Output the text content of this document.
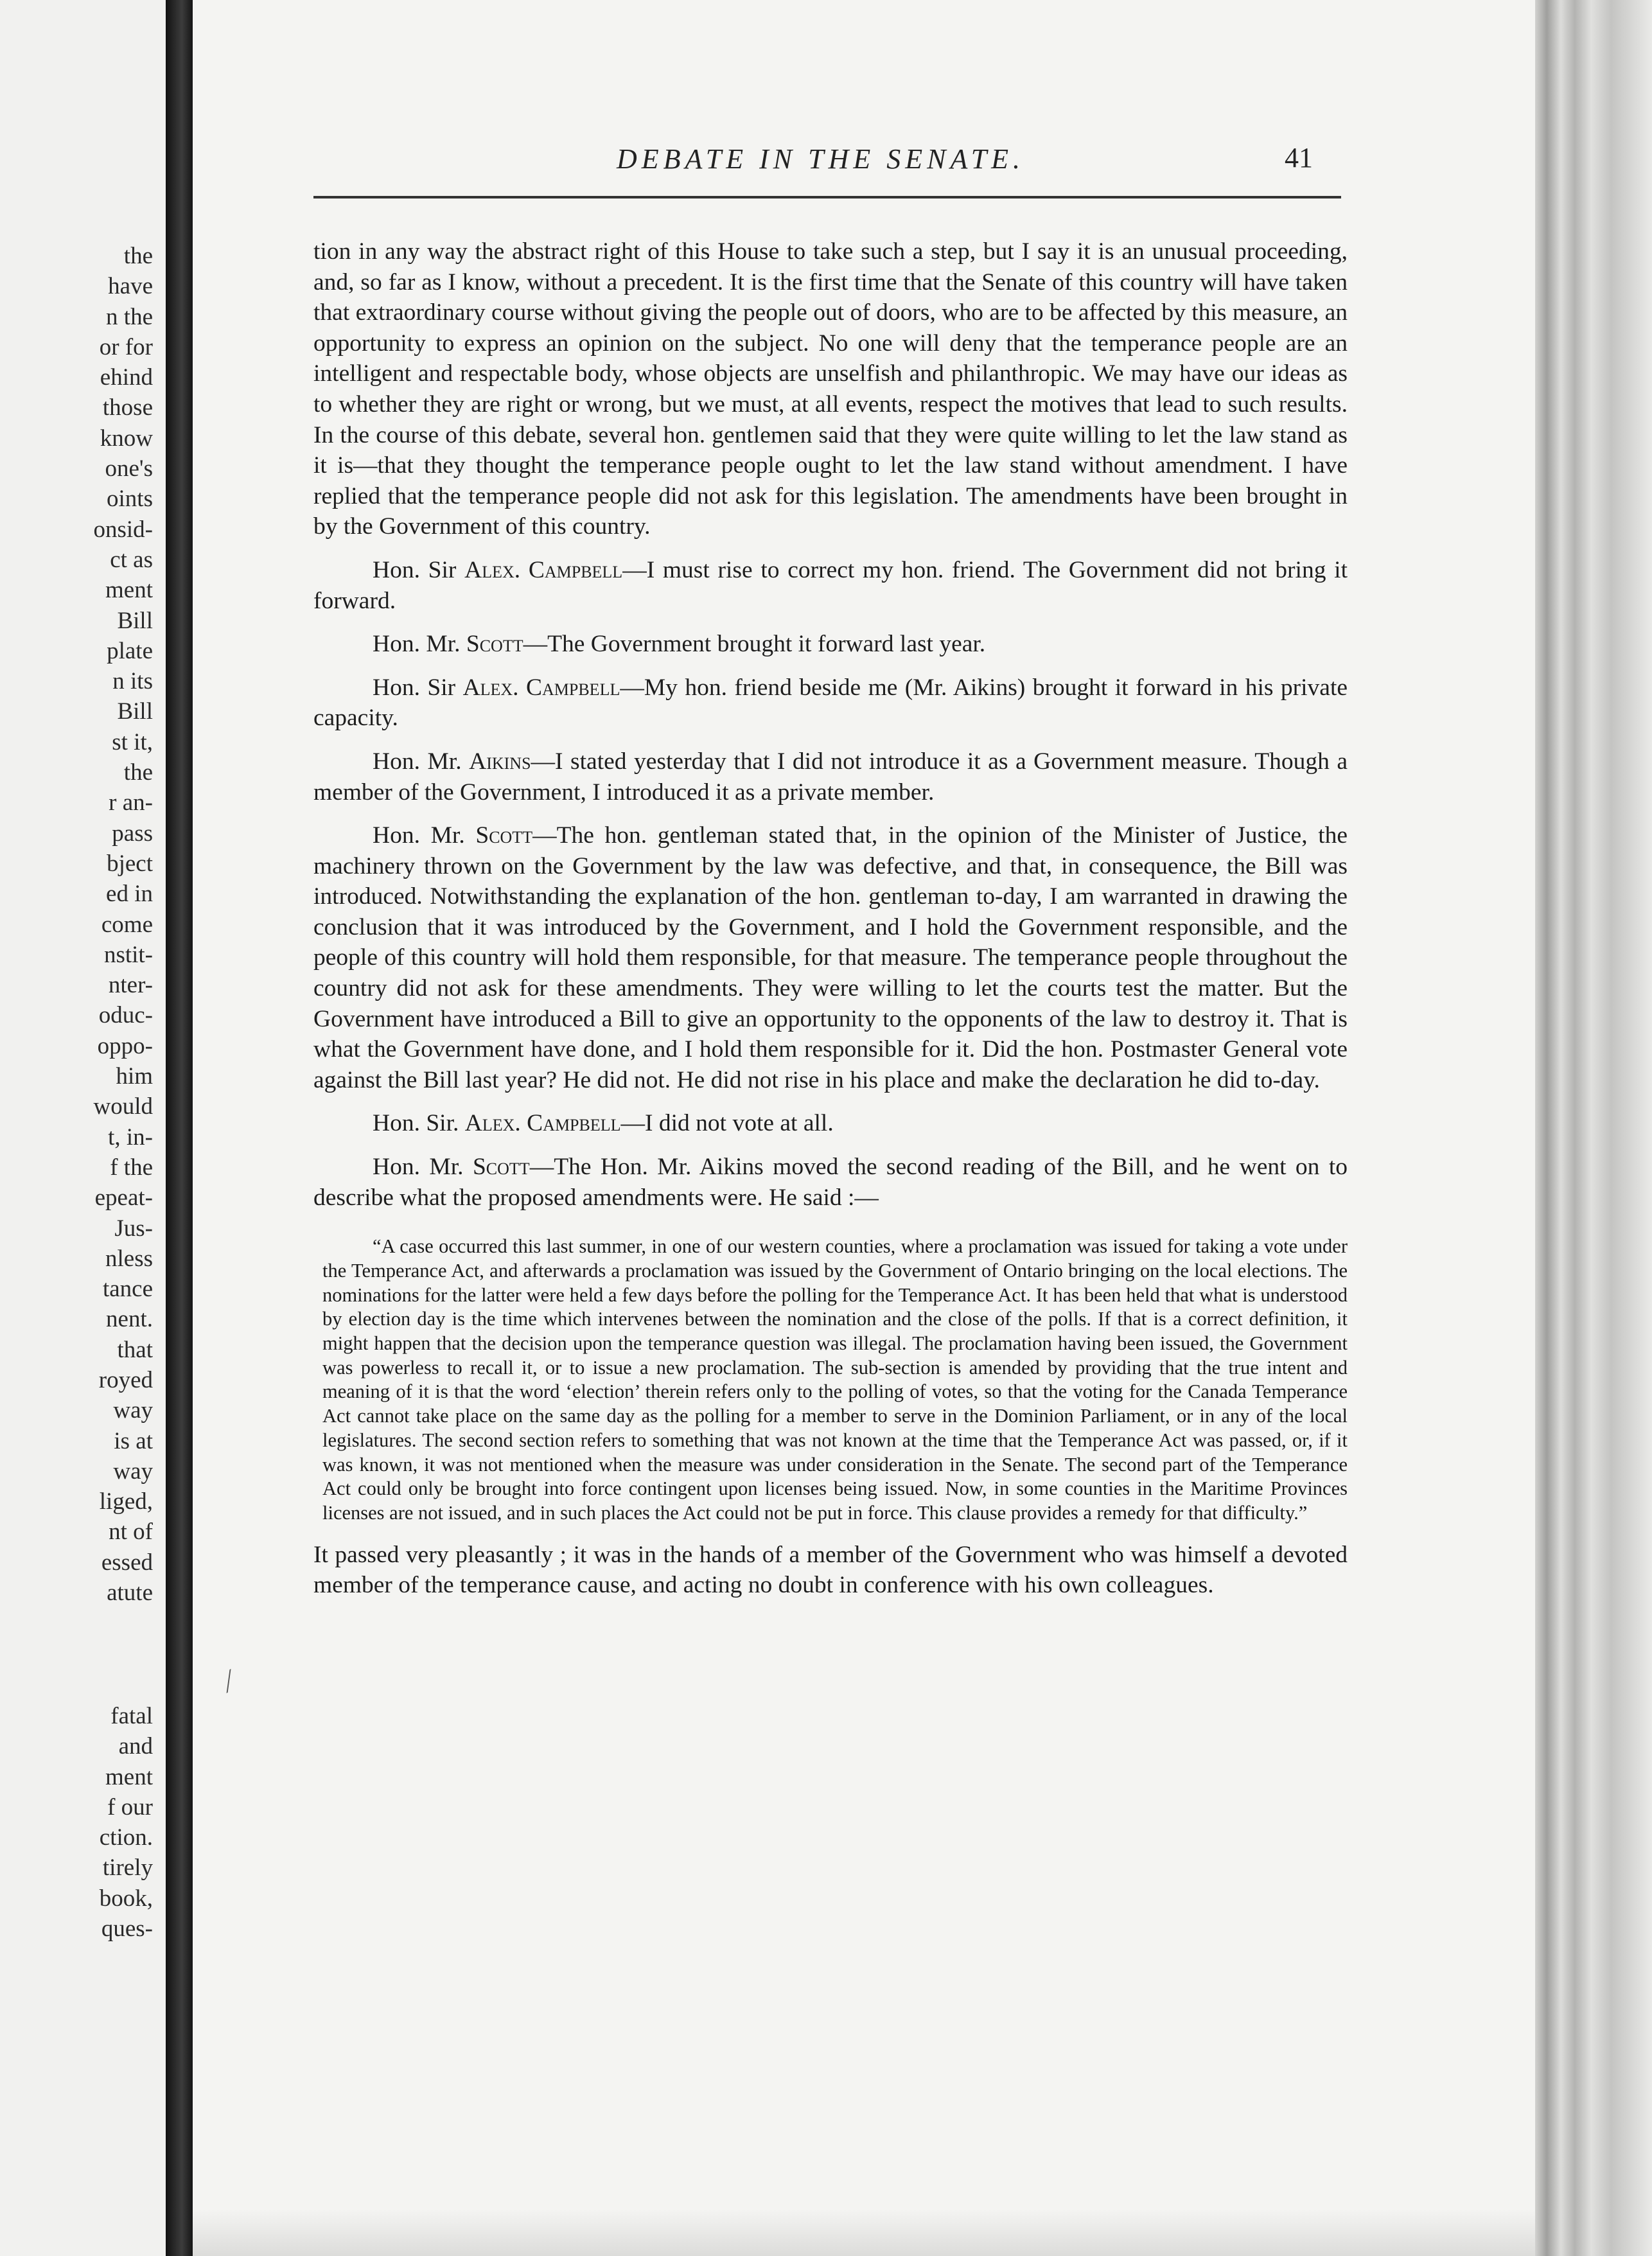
the
have
n the
or for
ehind
those
know
one's
oints
onsid-
ct as
ment
Bill
plate
n its
Bill
st it,
the
r an-
pass
bject
ed in
come
nstit-
nter-
oduc-
oppo-
him
would
t, in-
f the
epeat-
Jus-
nless
tance
nent.
that
royed
way
is at
way
liged,
nt of
essed
atute
fatal
and
ment
f our
ction.
tirely
book,
ques-
DEBATE IN THE SENATE.	41
⁄

tion in any way the abstract right of this House to take such a step, but I say it is an unusual proceeding, and, so far as I know, without a precedent. It is the first time that the Senate of this country will have taken that extraordinary course without giving the people out of doors, who are to be affected by this measure, an opportunity to express an opinion on the subject. No one will deny that the temperance people are an intelligent and respectable body, whose objects are unselfish and philanthropic. We may have our ideas as to whether they are right or wrong, but we must, at all events, respect the motives that lead to such results. In the course of this debate, several hon. gentlemen said that they were quite willing to let the law stand as it is—that they thought the temperance people ought to let the law stand without amendment. I have replied that the temperance people did not ask for this legislation. The amendments have been brought in by the Government of this country.

Hon. Sir Alex. Campbell—I must rise to correct my hon. friend. The Government did not bring it forward.

Hon. Mr. Scott—The Government brought it forward last year.

Hon. Sir Alex. Campbell—My hon. friend beside me (Mr. Aikins) brought it forward in his private capacity.

Hon. Mr. Aikins—I stated yesterday that I did not introduce it as a Government measure. Though a member of the Government, I introduced it as a private member.

Hon. Mr. Scott—The hon. gentleman stated that, in the opinion of the Minister of Justice, the machinery thrown on the Government by the law was defective, and that, in consequence, the Bill was introduced. Notwithstanding the explanation of the hon. gentleman to-day, I am warranted in drawing the conclusion that it was introduced by the Government, and I hold the Government responsible, and the people of this country will hold them responsible, for that measure. The temperance people throughout the country did not ask for these amendments. They were willing to let the courts test the matter. But the Government have introduced a Bill to give an opportunity to the opponents of the law to destroy it. That is what the Government have done, and I hold them responsible for it. Did the hon. Postmaster General vote against the Bill last year? He did not. He did not rise in his place and make the declaration he did to-day.

Hon. Sir. Alex. Campbell—I did not vote at all.

Hon. Mr. Scott—The Hon. Mr. Aikins moved the second reading of the Bill, and he went on to describe what the proposed amendments were. He said :—

“A case occurred this last summer, in one of our western counties, where a proclamation was issued for taking a vote under the Temperance Act, and afterwards a proclamation was issued by the Government of Ontario bringing on the local elections. The nominations for the latter were held a few days before the polling for the Temperance Act. It has been held that what is understood by election day is the time which intervenes between the nomination and the close of the polls. If that is a correct definition, it might happen that the decision upon the temperance question was illegal. The proclamation having been issued, the Government was powerless to recall it, or to issue a new proclamation. The sub-section is amended by providing that the true intent and meaning of it is that the word ‘election’ therein refers only to the polling of votes, so that the voting for the Canada Temperance Act cannot take place on the same day as the polling for a member to serve in the Dominion Parliament, or in any of the local legislatures. The second section refers to something that was not known at the time that the Temperance Act was passed, or, if it was known, it was not mentioned when the measure was under consideration in the Senate. The second part of the Temperance Act could only be brought into force contingent upon licenses being issued. Now, in some counties in the Maritime Provinces licenses are not issued, and in such places the Act could not be put in force. This clause provides a remedy for that difficulty.”

It passed very pleasantly ; it was in the hands of a member of the Government who was himself a devoted member of the temperance cause, and acting no doubt in conference with his own colleagues.
